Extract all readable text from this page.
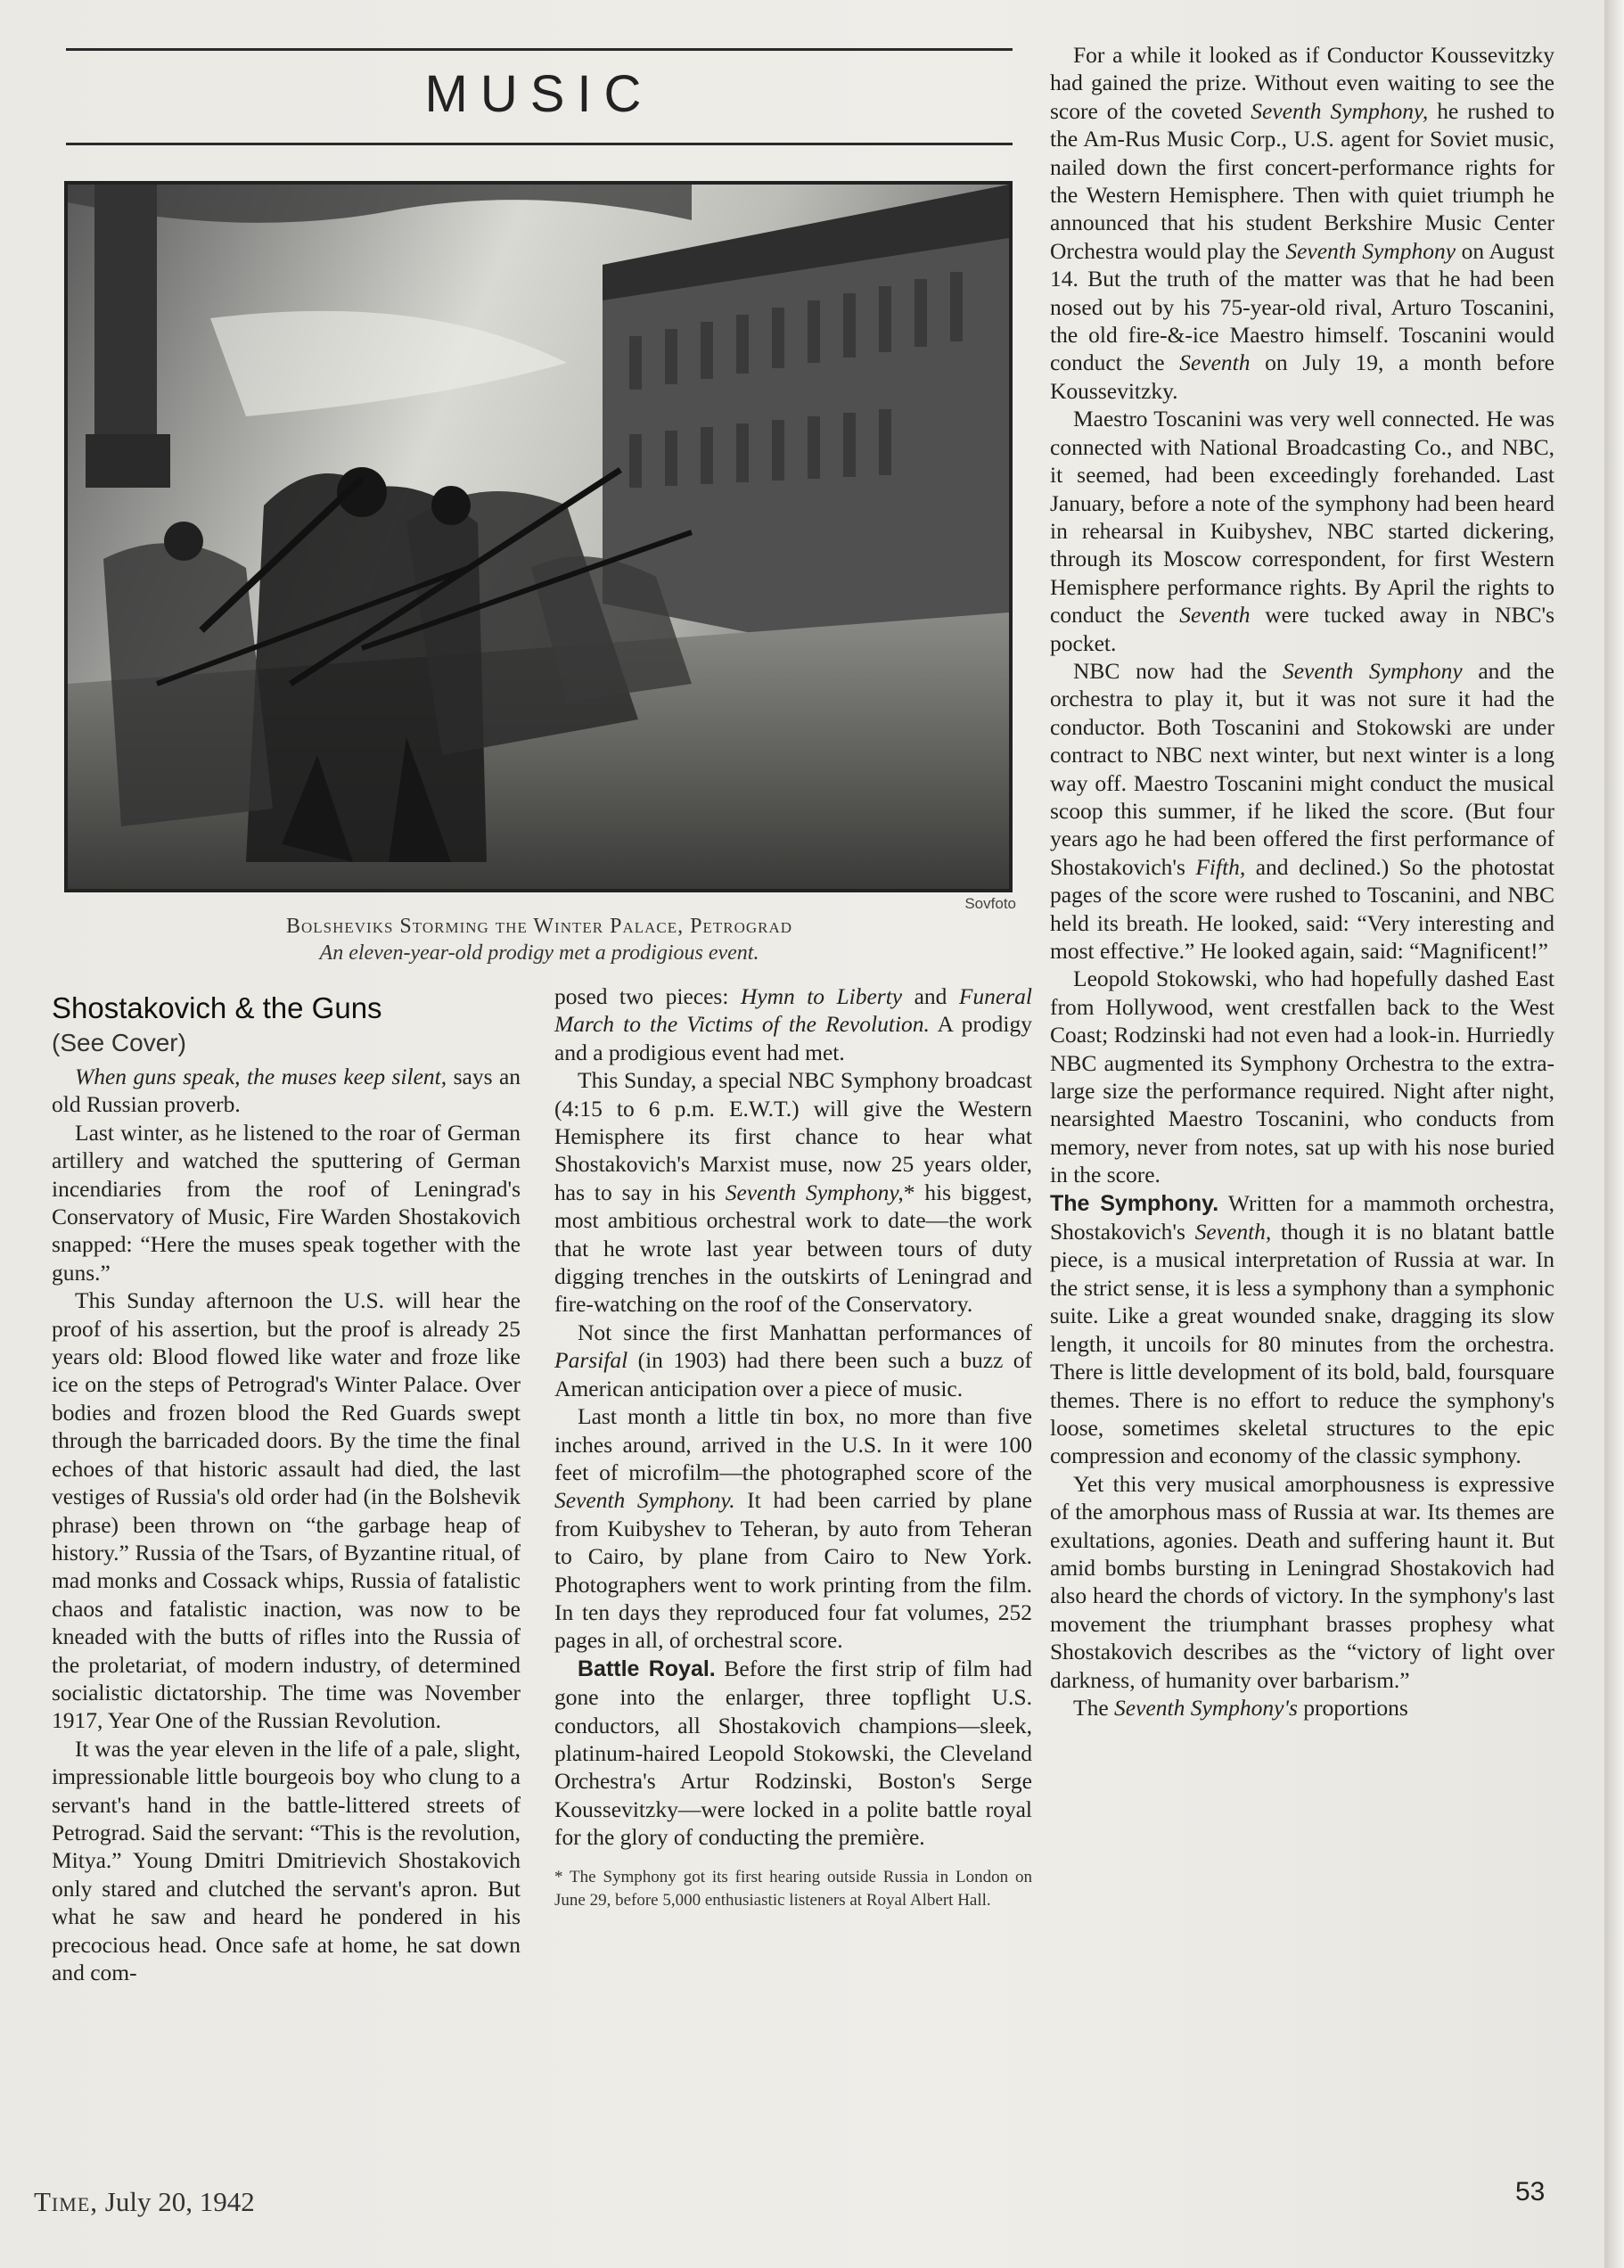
MUSIC
Sovfoto
Bolsheviks Storming the Winter Palace, Petrograd
An eleven-year-old prodigy met a prodigious event.
Shostakovich & the Guns
(See Cover)

When guns speak, the muses keep silent, says an old Russian proverb.

Last winter, as he listened to the roar of German artillery and watched the sputtering of German incendiaries from the roof of Leningrad's Conservatory of Music, Fire Warden Shostakovich snapped: “Here the muses speak together with the guns.”

This Sunday afternoon the U.S. will hear the proof of his assertion, but the proof is already 25 years old: Blood flowed like water and froze like ice on the steps of Petrograd's Winter Palace. Over bodies and frozen blood the Red Guards swept through the barricaded doors. By the time the final echoes of that historic assault had died, the last vestiges of Russia's old order had (in the Bolshevik phrase) been thrown on “the garbage heap of history.” Russia of the Tsars, of Byzantine ritual, of mad monks and Cossack whips, Russia of fatalistic chaos and fatalistic inaction, was now to be kneaded with the butts of rifles into the Russia of the proletariat, of modern industry, of determined socialistic dictatorship. The time was November 1917, Year One of the Russian Revolution.

It was the year eleven in the life of a pale, slight, impressionable little bourgeois boy who clung to a servant's hand in the battle-littered streets of Petrograd. Said the servant: “This is the revolution, Mitya.” Young Dmitri Dmitrievich Shostakovich only stared and clutched the servant's apron. But what he saw and heard he pondered in his precocious head. Once safe at home, he sat down and com-

posed two pieces: Hymn to Liberty and Funeral March to the Victims of the Revolution. A prodigy and a prodigious event had met.

This Sunday, a special NBC Symphony broadcast (4:15 to 6 p.m. E.W.T.) will give the Western Hemisphere its first chance to hear what Shostakovich's Marxist muse, now 25 years older, has to say in his Seventh Symphony,* his biggest, most ambitious orchestral work to date—the work that he wrote last year between tours of duty digging trenches in the outskirts of Leningrad and fire-watching on the roof of the Conservatory.

Not since the first Manhattan performances of Parsifal (in 1903) had there been such a buzz of American anticipation over a piece of music.

Last month a little tin box, no more than five inches around, arrived in the U.S. In it were 100 feet of microfilm—the photographed score of the Seventh Symphony. It had been carried by plane from Kuibyshev to Teheran, by auto from Teheran to Cairo, by plane from Cairo to New York. Photographers went to work printing from the film. In ten days they reproduced four fat volumes, 252 pages in all, of orchestral score.

Battle Royal. Before the first strip of film had gone into the enlarger, three topflight U.S. conductors, all Shostakovich champions—sleek, platinum-haired Leopold Stokowski, the Cleveland Orchestra's Artur Rodzinski, Boston's Serge Koussevitzky—were locked in a polite battle royal for the glory of conducting the première.

* The Symphony got its first hearing outside Russia in London on June 29, before 5,000 enthusiastic listeners at Royal Albert Hall.

For a while it looked as if Conductor Koussevitzky had gained the prize. Without even waiting to see the score of the coveted Seventh Symphony, he rushed to the Am-Rus Music Corp., U.S. agent for Soviet music, nailed down the first concert-performance rights for the Western Hemisphere. Then with quiet triumph he announced that his student Berkshire Music Center Orchestra would play the Seventh Symphony on August 14. But the truth of the matter was that he had been nosed out by his 75-year-old rival, Arturo Toscanini, the old fire-&-ice Maestro himself. Toscanini would conduct the Seventh on July 19, a month before Koussevitzky.

Maestro Toscanini was very well connected. He was connected with National Broadcasting Co., and NBC, it seemed, had been exceedingly forehanded. Last January, before a note of the symphony had been heard in rehearsal in Kuibyshev, NBC started dickering, through its Moscow correspondent, for first Western Hemisphere performance rights. By April the rights to conduct the Seventh were tucked away in NBC's pocket.

NBC now had the Seventh Symphony and the orchestra to play it, but it was not sure it had the conductor. Both Toscanini and Stokowski are under contract to NBC next winter, but next winter is a long way off. Maestro Toscanini might conduct the musical scoop this summer, if he liked the score. (But four years ago he had been offered the first performance of Shostakovich's Fifth, and declined.) So the photostat pages of the score were rushed to Toscanini, and NBC held its breath. He looked, said: “Very interesting and most effective.” He looked again, said: “Magnificent!”

Leopold Stokowski, who had hopefully dashed East from Hollywood, went crestfallen back to the West Coast; Rodzinski had not even had a look-in. Hurriedly NBC augmented its Symphony Orchestra to the extra-large size the performance required. Night after night, nearsighted Maestro Toscanini, who conducts from memory, never from notes, sat up with his nose buried in the score.

The Symphony. Written for a mammoth orchestra, Shostakovich's Seventh, though it is no blatant battle piece, is a musical interpretation of Russia at war. In the strict sense, it is less a symphony than a symphonic suite. Like a great wounded snake, dragging its slow length, it uncoils for 80 minutes from the orchestra. There is little development of its bold, bald, foursquare themes. There is no effort to reduce the symphony's loose, sometimes skeletal structures to the epic compression and economy of the classic symphony.

Yet this very musical amorphousness is expressive of the amorphous mass of Russia at war. Its themes are exultations, agonies. Death and suffering haunt it. But amid bombs bursting in Leningrad Shostakovich had also heard the chords of victory. In the symphony's last movement the triumphant brasses prophesy what Shostakovich describes as the “victory of light over darkness, of humanity over barbarism.”

The Seventh Symphony's proportions

Time, July 20, 1942	53
